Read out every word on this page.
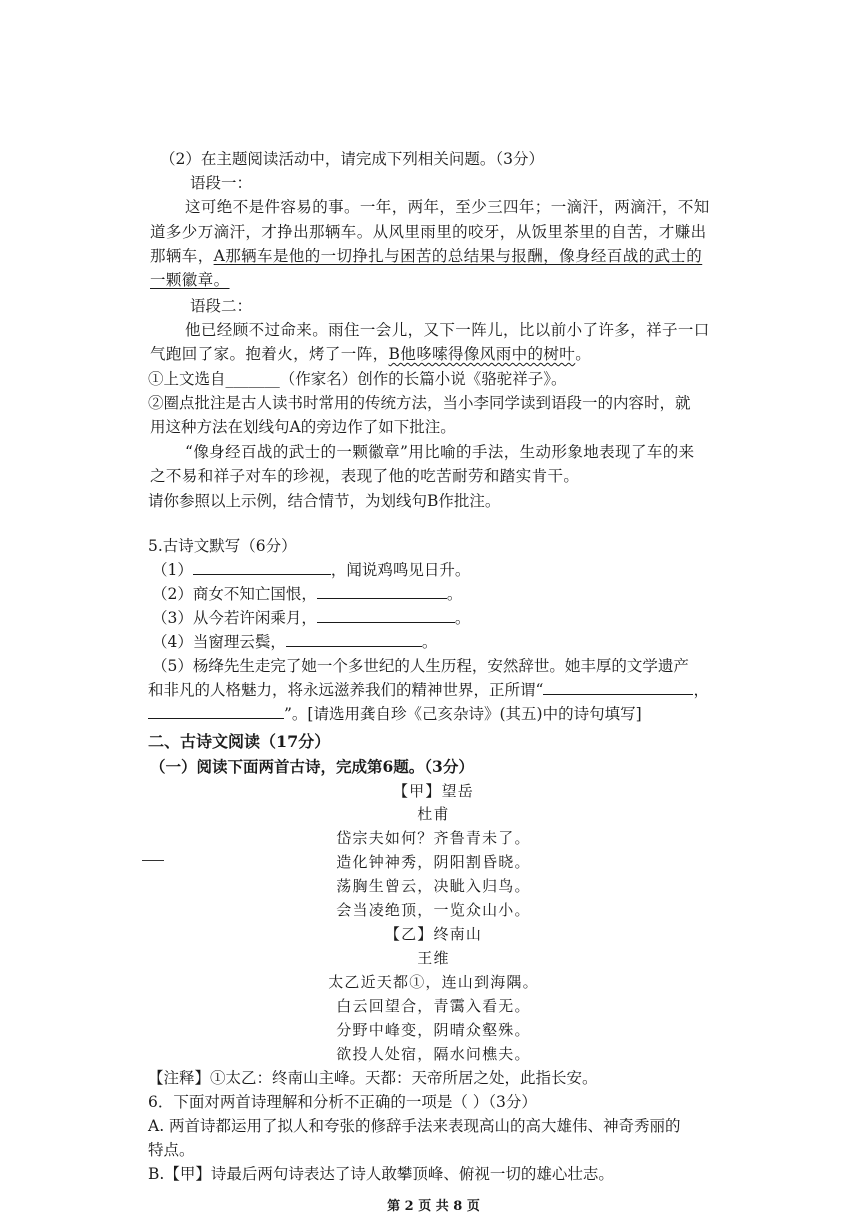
（2）在主题阅读活动中，请完成下列相关问题。（3分）
语段一：
这可绝不是件容易的事。一年，两年，至少三四年；一滴汗，两滴汗，不知
道多少万滴汗，才挣出那辆车。从风里雨里的咬牙，从饭里茶里的自苦，才赚出
那辆车，A那辆车是他的一切挣扎与困苦的总结果与报酬，像身经百战的武士的
一颗徽章。
语段二：
他已经顾不过命来。雨住一会儿，又下一阵儿，比以前小了许多，祥子一口
气跑回了家。抱着火，烤了一阵，B他哆嗦得像风雨中的树叶。
①上文选自_______（作家名）创作的长篇小说《骆驼祥子》。
②圈点批注是古人读书时常用的传统方法，当小李同学读到语段一的内容时，就
用这种方法在划线句A的旁边作了如下批注。
“像身经百战的武士的一颗徽章”用比喻的手法，生动形象地表现了车的来
之不易和祥子对车的珍视，表现了他的吃苦耐劳和踏实肯干。
请你参照以上示例，结合情节，为划线句B作批注。
5.古诗文默写（6分）
（1）	，闻说鸡鸣见日升。
（2）商女不知亡国恨，	。
（3）从今若许闲乘月，	。
（4）当窗理云鬓，	。
（5）杨绛先生走完了她一个多世纪的人生历程，安然辞世。她丰厚的文学遗产
和非凡的人格魅力，将永远滋养我们的精神世界，正所谓“	，
”。[请选用龚自珍《己亥杂诗》(其五)中的诗句填写]
二、古诗文阅读（17分）
（一）阅读下面两首古诗，完成第6题。（3分）
【甲】望岳
杜甫
岱宗夫如何？齐鲁青未了。
造化钟神秀，阴阳割昏晓。
荡胸生曾云，决眦入归鸟。
会当凌绝顶，一览众山小。
【乙】终南山
王维
太乙近天都①，连山到海隅。
白云回望合，青霭入看无。
分野中峰变，阴晴众壑殊。
欲投人处宿，隔水问樵夫。
【注释】①太乙：终南山主峰。天都：天帝所居之处，此指长安。
6．下面对两首诗理解和分析不正确的一项是（ ）（3分）
第 2 页 共 8 页
A. 两首诗都运用了拟人和夸张的修辞手法来表现高山的高大雄伟、神奇秀丽的
特点。
B.【甲】诗最后两句诗表达了诗人敢攀顶峰、俯视一切的雄心壮志。
